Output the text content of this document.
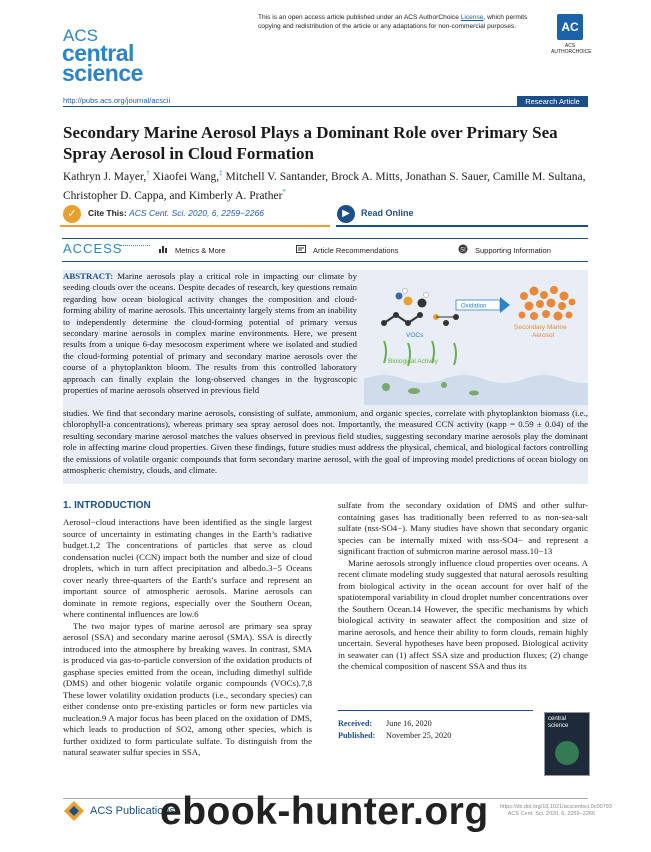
ACS
central
science
This is an open access article published under an ACS AuthorChoice License, which permits copying and redistribution of the article or any adaptations for non-commercial purposes.	AC
ACS AUTHORCHOICE
http://pubs.acs.org/journal/acscii	Research Article
Secondary Marine Aerosol Plays a Dominant Role over Primary Sea Spray Aerosol in Cloud Formation
Kathryn J. Mayer,† Xiaofei Wang,‡ Mitchell V. Santander, Brock A. Mitts, Jonathan S. Sauer, Camille M. Sultana, Christopher D. Cappa, and Kimberly A. Prather*
✓	Cite This: ACS Cent. Sci. 2020, 6, 2259−2266	▶	Read Online
ACCESS	Metrics & More	Article Recommendations	SI Supporting Information
ABSTRACT: Marine aerosols play a critical role in impacting our climate by seeding clouds over the oceans. Despite decades of research, key questions remain regarding how ocean biological activity changes the composition and cloud-forming ability of marine aerosols. This uncertainty largely stems from an inability to independently determine the cloud-forming potential of primary versus secondary marine aerosols in complex marine environments. Here, we present results from a unique 6-day mesocosm experiment where we isolated and studied the cloud-forming potential of primary and secondary marine aerosols over the course of a phytoplankton bloom. The results from this controlled laboratory approach can finally explain the long-observed changes in the hygroscopic properties of marine aerosols observed in previous field
VOCs
Oxidation
Secondary Marine
Aerosol
Biological Activity
studies. We find that secondary marine aerosols, consisting of sulfate, ammonium, and organic species, correlate with phytoplankton biomass (i.e., chlorophyll-a concentrations), whereas primary sea spray aerosol does not. Importantly, the measured CCN activity (κapp = 0.59 ± 0.04) of the resulting secondary marine aerosol matches the values observed in previous field studies, suggesting secondary marine aerosols play the dominant role in affecting marine cloud properties. Given these findings, future studies must address the physical, chemical, and biological factors controlling the emissions of volatile organic compounds that form secondary marine aerosol, with the goal of improving model predictions of ocean biology on atmospheric chemistry, clouds, and climate.
1. INTRODUCTION

Aerosol−cloud interactions have been identified as the single largest source of uncertainty in estimating changes in the Earth’s radiative budget.1,2 The concentrations of particles that serve as cloud condensation nuclei (CCN) impact both the number and size of cloud droplets, which in turn affect precipitation and albedo.3−5 Oceans cover nearly three-quarters of the Earth’s surface and represent an important source of atmospheric aerosols. Marine aerosols can dominate in remote regions, especially over the Southern Ocean, where continental influences are low.6

The two major types of marine aerosol are primary sea spray aerosol (SSA) and secondary marine aerosol (SMA). SSA is directly introduced into the atmosphere by breaking waves. In contrast, SMA is produced via gas-to-particle conversion of the oxidation products of gasphase species emitted from the ocean, including dimethyl sulfide (DMS) and other biogenic volatile organic compounds (VOCs).7,8 These lower volatility oxidation products (i.e., secondary species) can either condense onto pre-existing particles or form new particles via nucleation.9 A major focus has been placed on the oxidation of DMS, which leads to production of SO2, among other species, which is further oxidized to form particulate sulfate. To distinguish from the natural seawater sulfur species in SSA,

sulfate from the secondary oxidation of DMS and other sulfur-containing gases has traditionally been referred to as non-sea-salt sulfate (nss-SO4−). Many studies have shown that secondary organic species can be internally mixed with nss-SO4− and represent a significant fraction of submicron marine aerosol mass.10−13

Marine aerosols strongly influence cloud properties over oceans. A recent climate modeling study suggested that natural aerosols resulting from biological activity in the ocean account for over half of the spatiotemporal variability in cloud droplet number concentrations over the Southern Ocean.14 However, the specific mechanisms by which biological activity in seawater affect the composition and size of marine aerosols, and hence their ability to form clouds, remain highly uncertain. Several hypotheses have been proposed. Biological activity in seawater can (1) affect SSA size and production fluxes; (2) change the chemical composition of nascent SSA and thus its

Received: June 16, 2020
Published: November 25, 2020
central
science
ACS Publications	https://dx.doi.org/10.1021/acscentsci.0c00793
ACS Cent. Sci. 2020, 6, 2259−2266
ebook-hunter.org
